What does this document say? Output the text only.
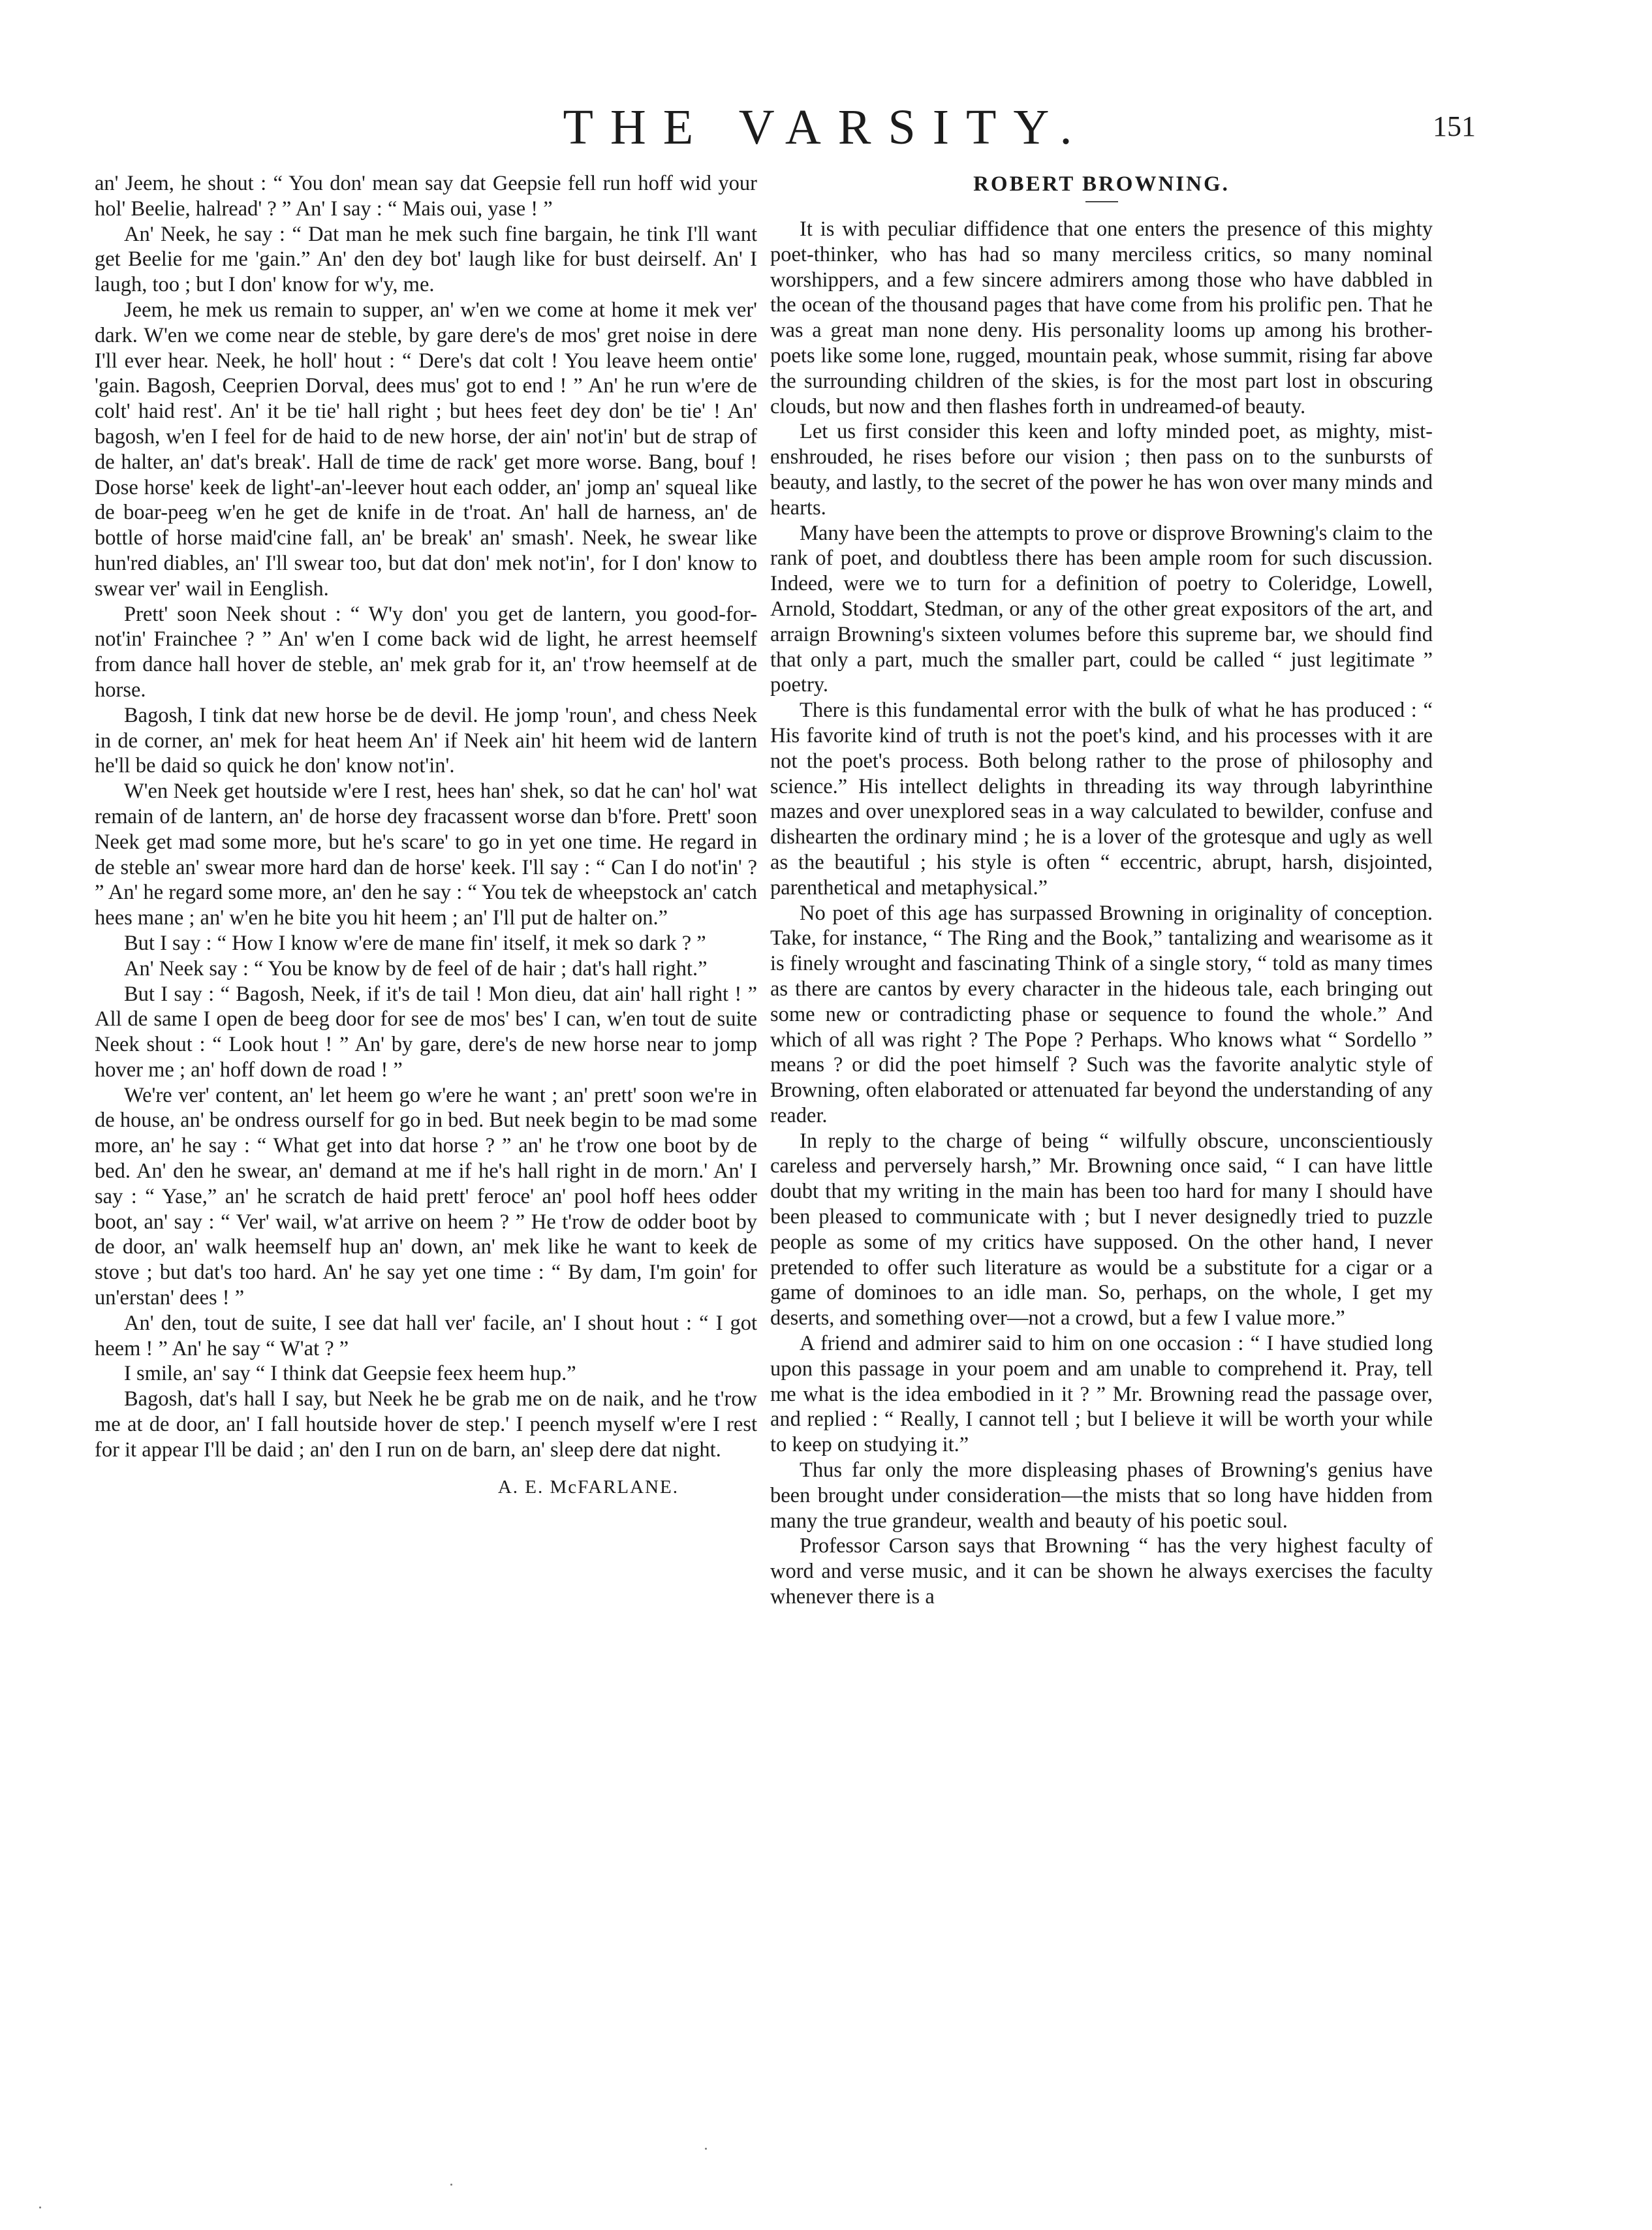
THE VARSITY.	151

an' Jeem, he shout : “ You don' mean say dat Geepsie fell run hoff wid your hol' Beelie, halread' ? ” An' I say : “ Mais oui, yase ! ”

An' Neek, he say : “ Dat man he mek such fine bargain, he tink I'll want get Beelie for me 'gain.” An' den dey bot' laugh like for bust deirself. An' I laugh, too ; but I don' know for w'y, me.

Jeem, he mek us remain to supper, an' w'en we come at home it mek ver' dark. W'en we come near de steble, by gare dere's de mos' gret noise in dere I'll ever hear. Neek, he holl' hout : “ Dere's dat colt ! You leave heem ontie' 'gain. Bagosh, Ceeprien Dorval, dees mus' got to end ! ” An' he run w'ere de colt' haid rest'. An' it be tie' hall right ; but hees feet dey don' be tie' ! An' bagosh, w'en I feel for de haid to de new horse, der ain' not'in' but de strap of de halter, an' dat's break'. Hall de time de rack' get more worse. Bang, bouf ! Dose horse' keek de light'-an'-leever hout each odder, an' jomp an' squeal like de boar-peeg w'en he get de knife in de t'roat. An' hall de harness, an' de bottle of horse maid'cine fall, an' be break' an' smash'. Neek, he swear like hun'red diables, an' I'll swear too, but dat don' mek not'in', for I don' know to swear ver' wail in Eenglish.

Prett' soon Neek shout : “ W'y don' you get de lantern, you good-for-not'in' Frainchee ? ” An' w'en I come back wid de light, he arrest heemself from dance hall hover de steble, an' mek grab for it, an' t'row heemself at de horse.

Bagosh, I tink dat new horse be de devil. He jomp 'roun', and chess Neek in de corner, an' mek for heat heem An' if Neek ain' hit heem wid de lantern he'll be daid so quick he don' know not'in'.

W'en Neek get houtside w'ere I rest, hees han' shek, so dat he can' hol' wat remain of de lantern, an' de horse dey fracassent worse dan b'fore. Prett' soon Neek get mad some more, but he's scare' to go in yet one time. He regard in de steble an' swear more hard dan de horse' keek. I'll say : “ Can I do not'in' ? ” An' he regard some more, an' den he say : “ You tek de wheepstock an' catch hees mane ; an' w'en he bite you hit heem ; an' I'll put de halter on.”

But I say : “ How I know w'ere de mane fin' itself, it mek so dark ? ”

An' Neek say : “ You be know by de feel of de hair ; dat's hall right.”

But I say : “ Bagosh, Neek, if it's de tail ! Mon dieu, dat ain' hall right ! ” All de same I open de beeg door for see de mos' bes' I can, w'en tout de suite Neek shout : “ Look hout ! ” An' by gare, dere's de new horse near to jomp hover me ; an' hoff down de road ! ”

We're ver' content, an' let heem go w'ere he want ; an' prett' soon we're in de house, an' be ondress ourself for go in bed. But neek begin to be mad some more, an' he say : “ What get into dat horse ? ” an' he t'row one boot by de bed. An' den he swear, an' demand at me if he's hall right in de morn.' An' I say : “ Yase,” an' he scratch de haid prett' feroce' an' pool hoff hees odder boot, an' say : “ Ver' wail, w'at arrive on heem ? ” He t'row de odder boot by de door, an' walk heemself hup an' down, an' mek like he want to keek de stove ; but dat's too hard. An' he say yet one time : “ By dam, I'm goin' for un'erstan' dees ! ”

An' den, tout de suite, I see dat hall ver' facile, an' I shout hout : “ I got heem ! ” An' he say “ W'at ? ”

I smile, an' say “ I think dat Geepsie feex heem hup.”

Bagosh, dat's hall I say, but Neek he be grab me on de naik, and he t'row me at de door, an' I fall houtside hover de step.' I peench myself w'ere I rest for it appear I'll be daid ; an' den I run on de barn, an' sleep dere dat night.

A. E. McFARLANE.
ROBERT BROWNING.

It is with peculiar diffidence that one enters the presence of this mighty poet-thinker, who has had so many merciless critics, so many nominal worshippers, and a few sincere admirers among those who have dabbled in the ocean of the thousand pages that have come from his prolific pen. That he was a great man none deny. His personality looms up among his brother-poets like some lone, rugged, mountain peak, whose summit, rising far above the surrounding children of the skies, is for the most part lost in obscuring clouds, but now and then flashes forth in undreamed-of beauty.

Let us first consider this keen and lofty minded poet, as mighty, mist-enshrouded, he rises before our vision ; then pass on to the sunbursts of beauty, and lastly, to the secret of the power he has won over many minds and hearts.

Many have been the attempts to prove or disprove Browning's claim to the rank of poet, and doubtless there has been ample room for such discussion. Indeed, were we to turn for a definition of poetry to Coleridge, Lowell, Arnold, Stoddart, Stedman, or any of the other great expositors of the art, and arraign Browning's sixteen volumes before this supreme bar, we should find that only a part, much the smaller part, could be called “ just legitimate ” poetry.

There is this fundamental error with the bulk of what he has produced : “ His favorite kind of truth is not the poet's kind, and his processes with it are not the poet's process. Both belong rather to the prose of philosophy and science.” His intellect delights in threading its way through labyrinthine mazes and over unexplored seas in a way calculated to bewilder, confuse and dishearten the ordinary mind ; he is a lover of the grotesque and ugly as well as the beautiful ; his style is often “ eccentric, abrupt, harsh, disjointed, parenthetical and metaphysical.”

No poet of this age has surpassed Browning in originality of conception. Take, for instance, “ The Ring and the Book,” tantalizing and wearisome as it is finely wrought and fascinating Think of a single story, “ told as many times as there are cantos by every character in the hideous tale, each bringing out some new or contradicting phase or sequence to found the whole.” And which of all was right ? The Pope ? Perhaps. Who knows what “ Sordello ” means ? or did the poet himself ? Such was the favorite analytic style of Browning, often elaborated or attenuated far beyond the understanding of any reader.

In reply to the charge of being “ wilfully obscure, unconscientiously careless and perversely harsh,” Mr. Browning once said, “ I can have little doubt that my writing in the main has been too hard for many I should have been pleased to communicate with ; but I never designedly tried to puzzle people as some of my critics have supposed. On the other hand, I never pretended to offer such literature as would be a substitute for a cigar or a game of dominoes to an idle man. So, perhaps, on the whole, I get my deserts, and something over—not a crowd, but a few I value more.”

A friend and admirer said to him on one occasion : “ I have studied long upon this passage in your poem and am unable to comprehend it. Pray, tell me what is the idea embodied in it ? ” Mr. Browning read the passage over, and replied : “ Really, I cannot tell ; but I believe it will be worth your while to keep on studying it.”

Thus far only the more displeasing phases of Browning's genius have been brought under consideration—the mists that so long have hidden from many the true grandeur, wealth and beauty of his poetic soul.

Professor Carson says that Browning “ has the very highest faculty of word and verse music, and it can be shown he always exercises the faculty whenever there is a
